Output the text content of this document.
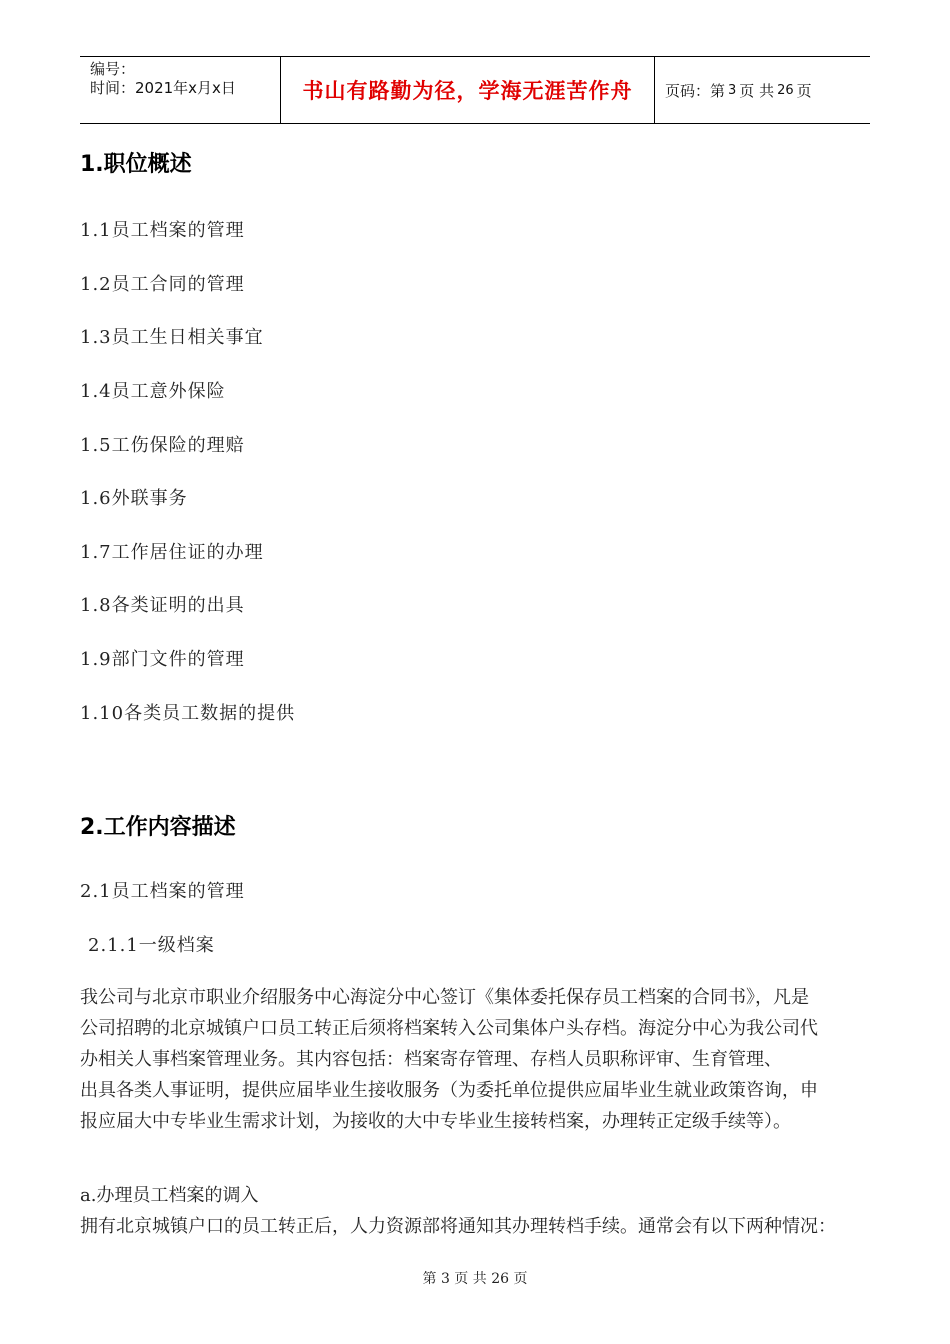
编号：
时间：2021年x月x日	书山有路勤为径，学海无涯苦作舟	页码：第 3 页 共 26 页
1.职位概述
1.1员工档案的管理
1.2员工合同的管理
1.3员工生日相关事宜
1.4员工意外保险
1.5工伤保险的理赔
1.6外联事务
1.7工作居住证的办理
1.8各类证明的出具
1.9部门文件的管理
1.10各类员工数据的提供
2.工作内容描述
2.1员工档案的管理
2.1.1一级档案
我公司与北京市职业介绍服务中心海淀分中心签订《集体委托保存员工档案的合同书》，凡是
公司招聘的北京城镇户口员工转正后须将档案转入公司集体户头存档。海淀分中心为我公司代
办相关人事档案管理业务。其内容包括：档案寄存管理、存档人员职称评审、生育管理、
出具各类人事证明，提供应届毕业生接收服务（为委托单位提供应届毕业生就业政策咨询，申
报应届大中专毕业生需求计划，为接收的大中专毕业生接转档案，办理转正定级手续等）。
a.办理员工档案的调入
拥有北京城镇户口的员工转正后，人力资源部将通知其办理转档手续。通常会有以下两种情况：
第 3 页 共 26 页
